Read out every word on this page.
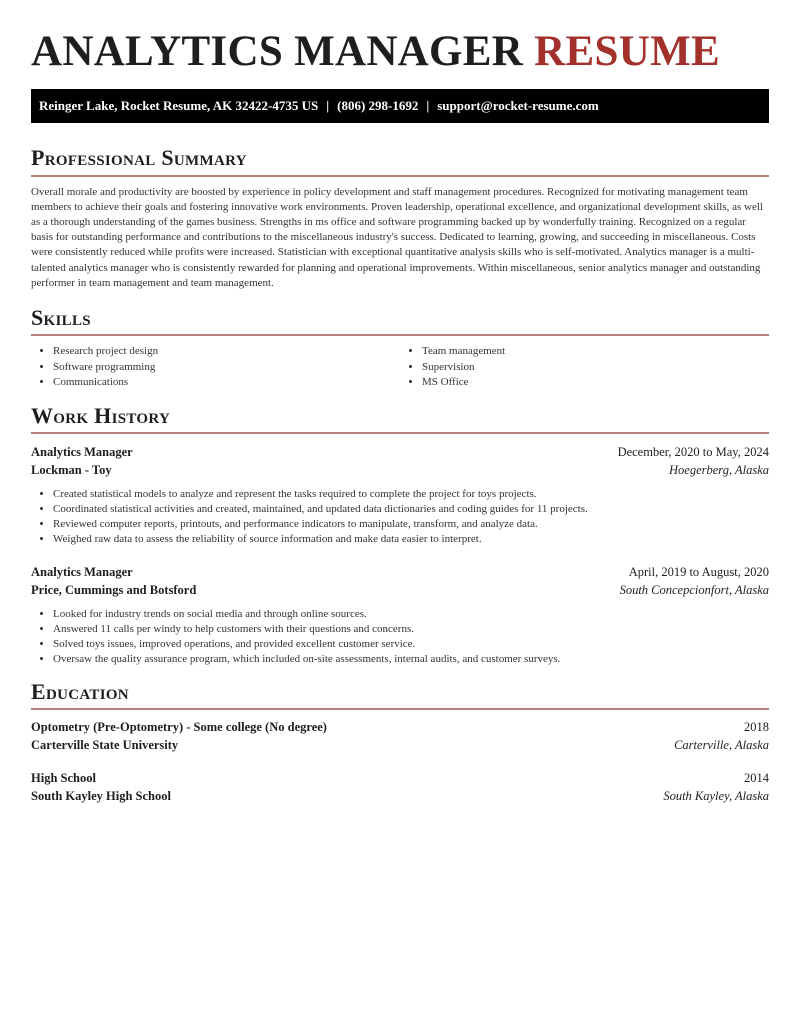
ANALYTICS MANAGER RESUME
Reinger Lake, Rocket Resume, AK 32422-4735 US | (806) 298-1692 | support@rocket-resume.com
Professional Summary

Overall morale and productivity are boosted by experience in policy development and staff management procedures. Recognized for motivating management team members to achieve their goals and fostering innovative work environments. Proven leadership, operational excellence, and organizational development skills, as well as a thorough understanding of the games business. Strengths in ms office and software programming backed up by wonderfully training. Recognized on a regular basis for outstanding performance and contributions to the miscellaneous industry's success. Dedicated to learning, growing, and succeeding in miscellaneous. Costs were consistently reduced while profits were increased. Statistician with exceptional quantitative analysis skills who is self-motivated. Analytics manager is a multi-talented analytics manager who is consistently rewarded for planning and operational improvements. Within miscellaneous, senior analytics manager and outstanding performer in team management and team management.

Skills
• Research project design
• Software programming
• Communications
• Team management
• Supervision
• MS Office
Work History
Analytics Manager	December, 2020 to May, 2024
Lockman - Toy	Hoegerberg, Alaska
• Created statistical models to analyze and represent the tasks required to complete the project for toys projects.
• Coordinated statistical activities and created, maintained, and updated data dictionaries and coding guides for 11 projects.
• Reviewed computer reports, printouts, and performance indicators to manipulate, transform, and analyze data.
• Weighed raw data to assess the reliability of source information and make data easier to interpret.
Analytics Manager	April, 2019 to August, 2020
Price, Cummings and Botsford	South Concepcionfort, Alaska
• Looked for industry trends on social media and through online sources.
• Answered 11 calls per windy to help customers with their questions and concerns.
• Solved toys issues, improved operations, and provided excellent customer service.
• Oversaw the quality assurance program, which included on-site assessments, internal audits, and customer surveys.
Education
Optometry (Pre-Optometry) - Some college (No degree)	2018
Carterville State University	Carterville, Alaska
High School	2014
South Kayley High School	South Kayley, Alaska
